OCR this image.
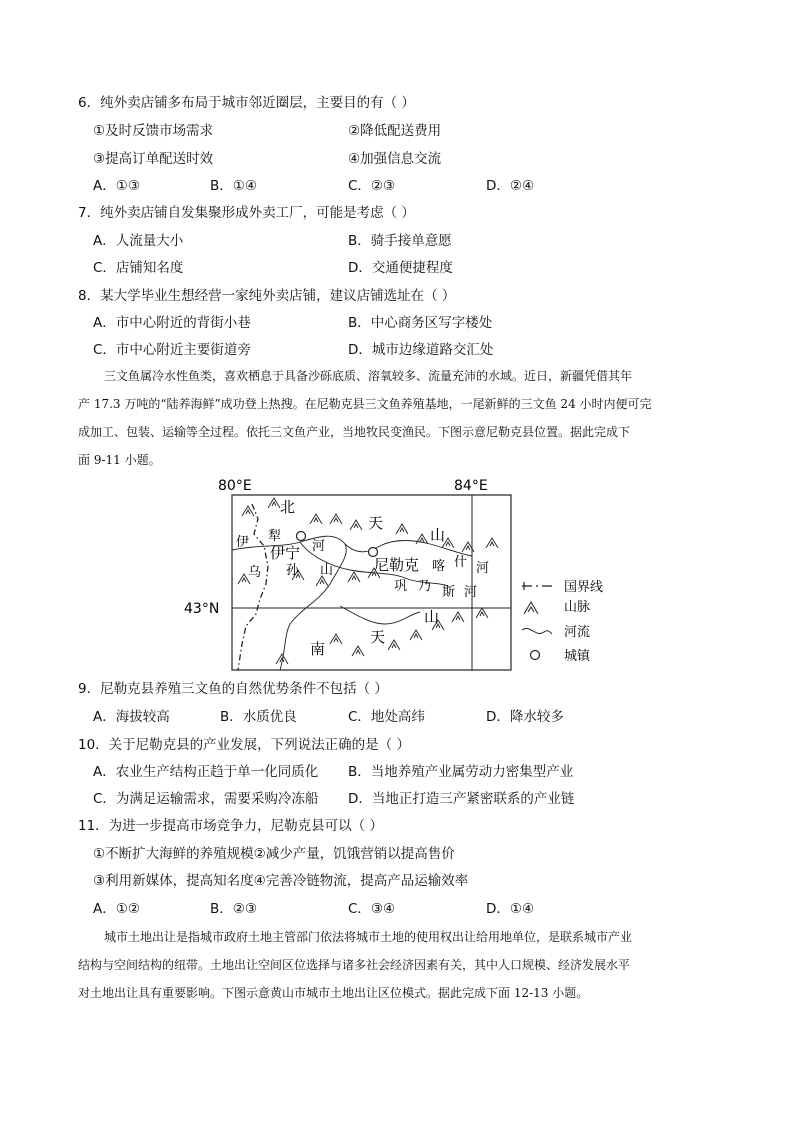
6．纯外卖店铺多布局于城市邻近圈层，主要目的有（ ）
①及时反馈市场需求	②降低配送费用
③提高订单配送时效	④加强信息交流
A．①③	B．①④	C．②③	D．②④
7．纯外卖店铺自发集聚形成外卖工厂，可能是考虑（ ）
A．人流量大小	B．骑手接单意愿
C．店铺知名度	D．交通便捷程度
8．某大学毕业生想经营一家纯外卖店铺，建议店铺选址在（ ）
A．市中心附近的背街小巷	B．中心商务区写字楼处
C．市中心附近主要街道旁	D．城市边缘道路交汇处
三文鱼属冷水性鱼类，喜欢栖息于具备沙砾底质、溶氧较多、流量充沛的水域。近日，新疆凭借其年
产 17.3 万吨的“陆养海鲜”成功登上热搜。在尼勒克县三文鱼养殖基地，一尾新鲜的三文鱼 24 小时内便可完
成加工、包装、运输等全过程。依托三文鱼产业，当地牧民变渔民。下图示意尼勒克县位置。据此完成下
面 9-11 小题。
80°E	84°E
43°N
北
天
山
伊 犁
河
伊宁
尼勒克 喀 什 河
乌 孙 山
巩 乃 斯 河
山
南
天
国界线
山脉
河流
城镇
9．尼勒克县养殖三文鱼的自然优势条件不包括（ ）
A．海拔较高	B．水质优良	C．地处高纬	D．降水较多
10．关于尼勒克县的产业发展，下列说法正确的是（ ）
A．农业生产结构正趋于单一化同质化 B．当地养殖产业属劳动力密集型产业
C．为满足运输需求，需要采购冷冻船 D．当地正打造三产紧密联系的产业链
11．为进一步提高市场竞争力，尼勒克县可以（ ）
①不断扩大海鲜的养殖规模②减少产量，饥饿营销以提高售价
③利用新媒体，提高知名度④完善冷链物流，提高产品运输效率
A．①②	B．②③	C．③④	D．①④
城市土地出让是指城市政府土地主管部门依法将城市土地的使用权出让给用地单位，是联系城市产业
结构与空间结构的纽带。土地出让空间区位选择与诸多社会经济因素有关，其中人口规模、经济发展水平
对土地出让具有重要影响。下图示意黄山市城市土地出让区位模式。据此完成下面 12-13 小题。
